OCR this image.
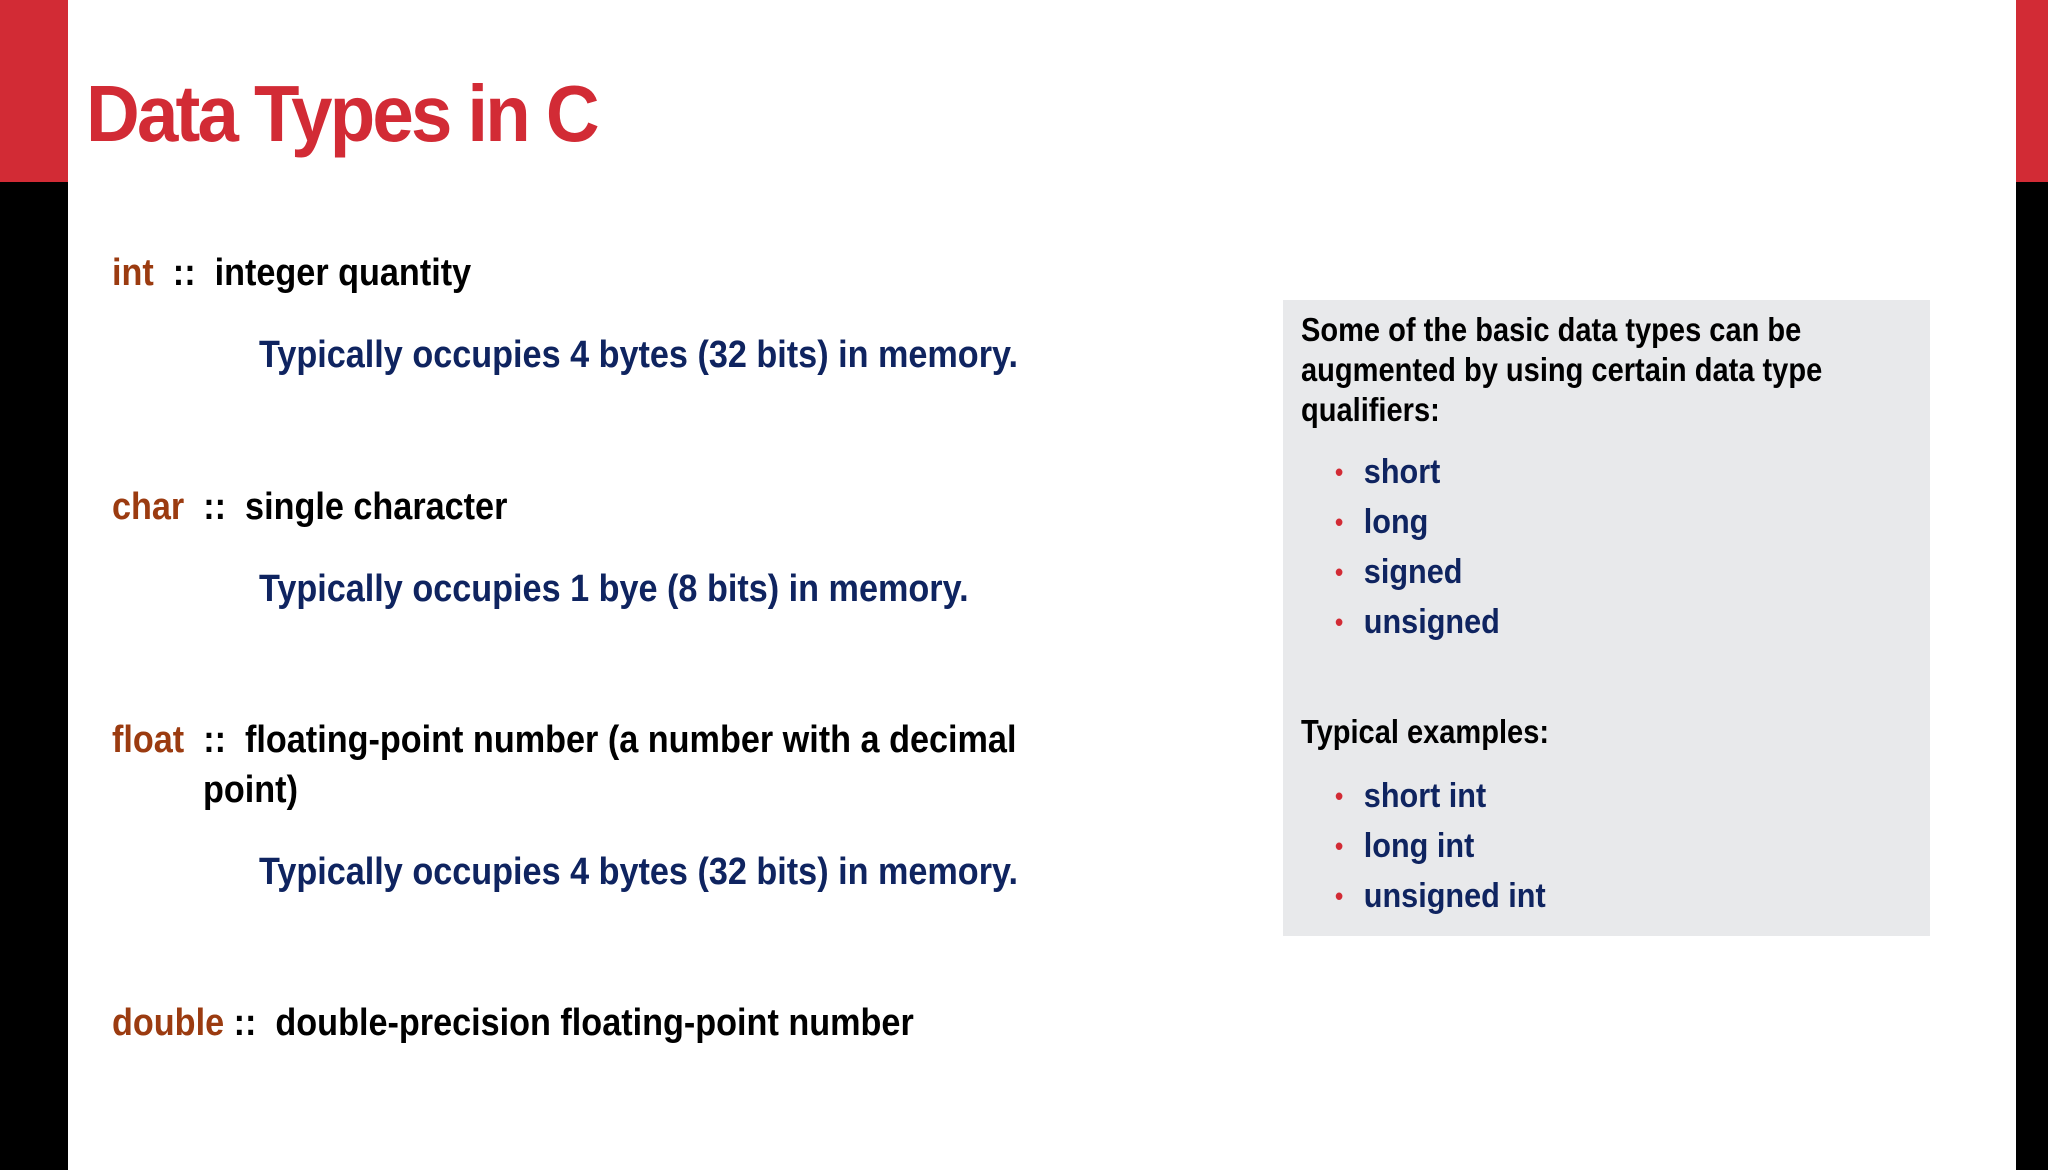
Data Types in C
int :: integer quantity
Typically occupies 4 bytes (32 bits) in memory.
char :: single character
Typically occupies 1 bye (8 bits) in memory.
float :: floating-point number (a number with a decimal
point)
Typically occupies 4 bytes (32 bits) in memory.
double :: double-precision floating-point number
Some of the basic data types can be augmented by using certain data type qualifiers:
• short
• long
• signed
• unsigned
Typical examples:
• short int
• long int
• unsigned int
